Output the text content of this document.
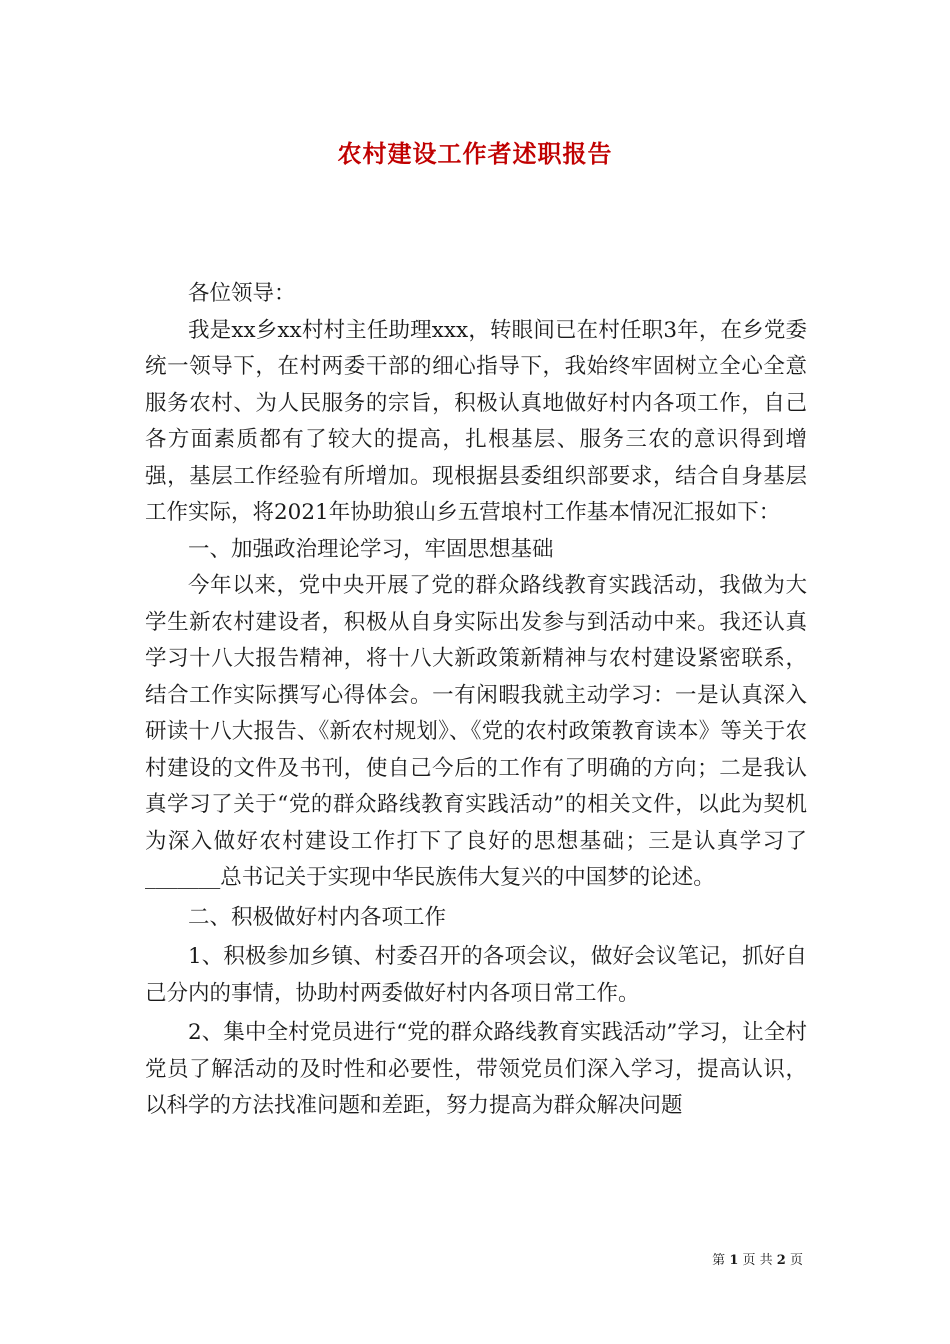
农村建设工作者述职报告

各位领导：

我是xx乡xx村村主任助理xxx，转眼间已在村任职3年，在乡党委统一领导下，在村两委干部的细心指导下，我始终牢固树立全心全意服务农村、为人民服务的宗旨，积极认真地做好村内各项工作，自己各方面素质都有了较大的提高，扎根基层、服务三农的意识得到增强，基层工作经验有所增加。现根据县委组织部要求，结合自身基层工作实际，将2021年协助狼山乡五营埌村工作基本情况汇报如下：

一、加强政治理论学习，牢固思想基础

今年以来，党中央开展了党的群众路线教育实践活动，我做为大学生新农村建设者，积极从自身实际出发参与到活动中来。我还认真学习十八大报告精神，将十八大新政策新精神与农村建设紧密联系，结合工作实际撰写心得体会。一有闲暇我就主动学习：一是认真深入研读十八大报告、《新农村规划》、《党的农村政策教育读本》等关于农村建设的文件及书刊，使自己今后的工作有了明确的方向；二是我认真学习了关于“党的群众路线教育实践活动”的相关文件，以此为契机为深入做好农村建设工作打下了良好的思想基础；三是认真学习了_______总书记关于实现中华民族伟大复兴的中国梦的论述。

二、积极做好村内各项工作

1、积极参加乡镇、村委召开的各项会议，做好会议笔记，抓好自己分内的事情，协助村两委做好村内各项日常工作。

2、集中全村党员进行“党的群众路线教育实践活动”学习，让全村党员了解活动的及时性和必要性，带领党员们深入学习，提高认识，以科学的方法找准问题和差距，努力提高为群众解决问题

第 1 页 共 2 页
